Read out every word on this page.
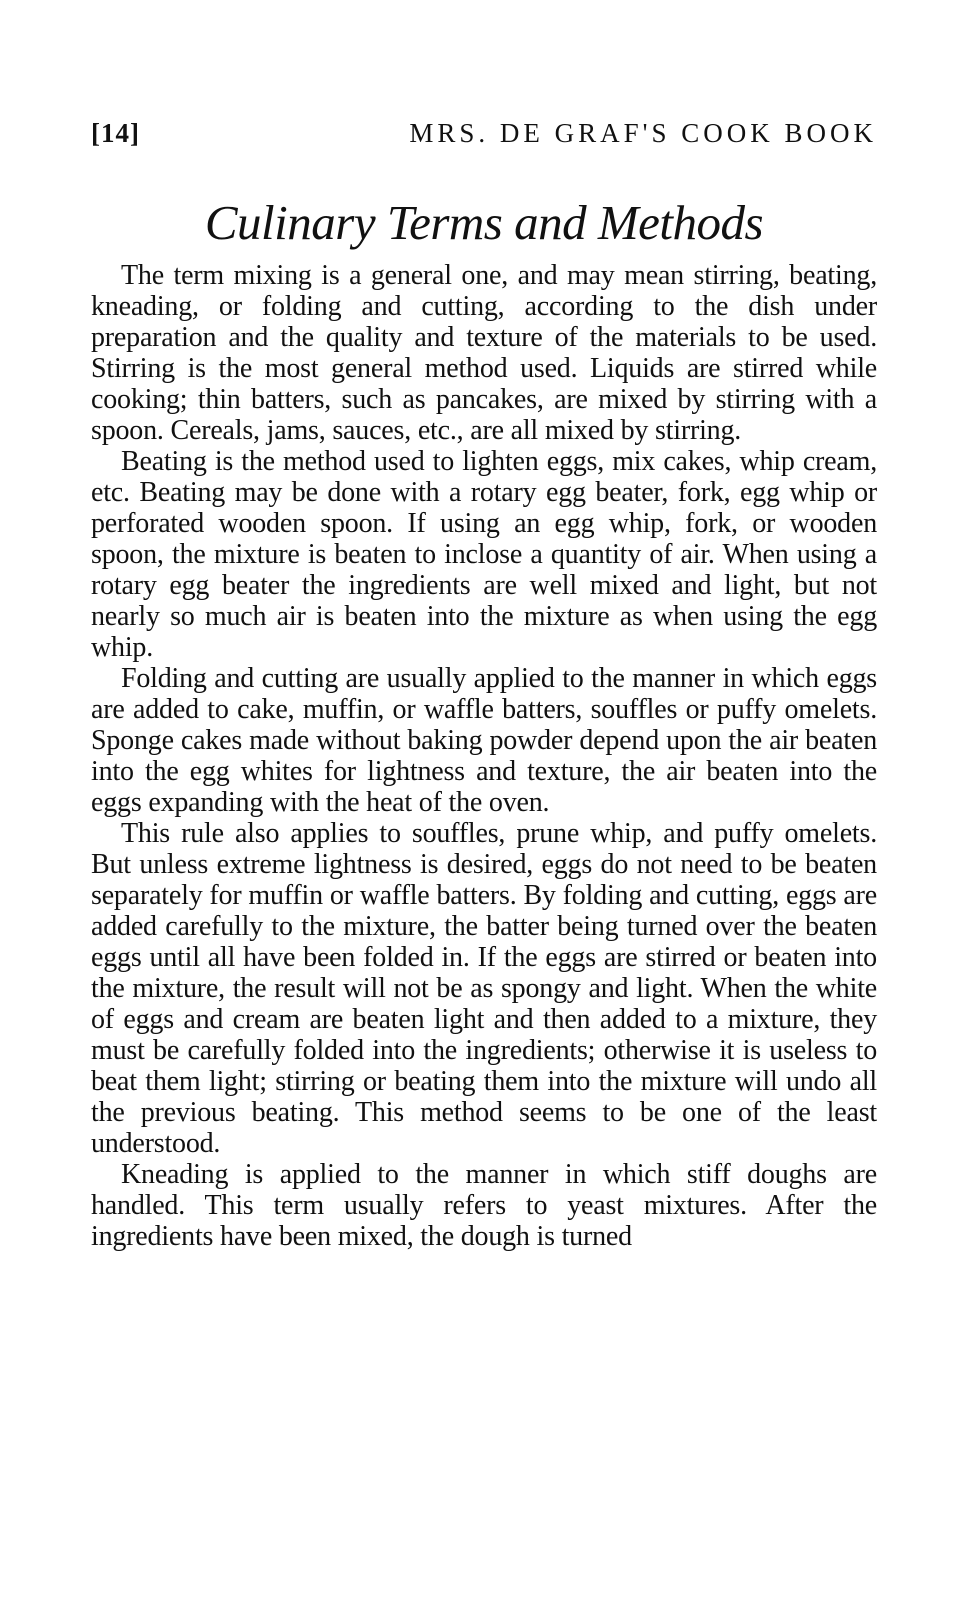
[14]	MRS. DE GRAF'S COOK BOOK
Culinary Terms and Methods

The term mixing is a general one, and may mean stirring, beating, kneading, or folding and cutting, according to the dish under preparation and the quality and texture of the materials to be used. Stirring is the most general method used. Liquids are stirred while cooking; thin batters, such as pancakes, are mixed by stirring with a spoon. Cereals, jams, sauces, etc., are all mixed by stirring.

Beating is the method used to lighten eggs, mix cakes, whip cream, etc. Beating may be done with a rotary egg beater, fork, egg whip or perforated wooden spoon. If using an egg whip, fork, or wooden spoon, the mixture is beaten to inclose a quantity of air. When using a rotary egg beater the ingredients are well mixed and light, but not nearly so much air is beaten into the mixture as when using the egg whip.

Folding and cutting are usually applied to the manner in which eggs are added to cake, muffin, or waffle batters, souffles or puffy omelets. Sponge cakes made without baking powder depend upon the air beaten into the egg whites for lightness and texture, the air beaten into the eggs expanding with the heat of the oven.

This rule also applies to souffles, prune whip, and puffy omelets. But unless extreme lightness is desired, eggs do not need to be beaten separately for muffin or waffle batters. By folding and cutting, eggs are added carefully to the mixture, the batter being turned over the beaten eggs until all have been folded in. If the eggs are stirred or beaten into the mixture, the result will not be as spongy and light. When the white of eggs and cream are beaten light and then added to a mixture, they must be carefully folded into the ingredients; otherwise it is useless to beat them light; stirring or beating them into the mixture will undo all the previous beating. This method seems to be one of the least understood.

Kneading is applied to the manner in which stiff doughs are handled. This term usually refers to yeast mixtures. After the ingredients have been mixed, the dough is turned
